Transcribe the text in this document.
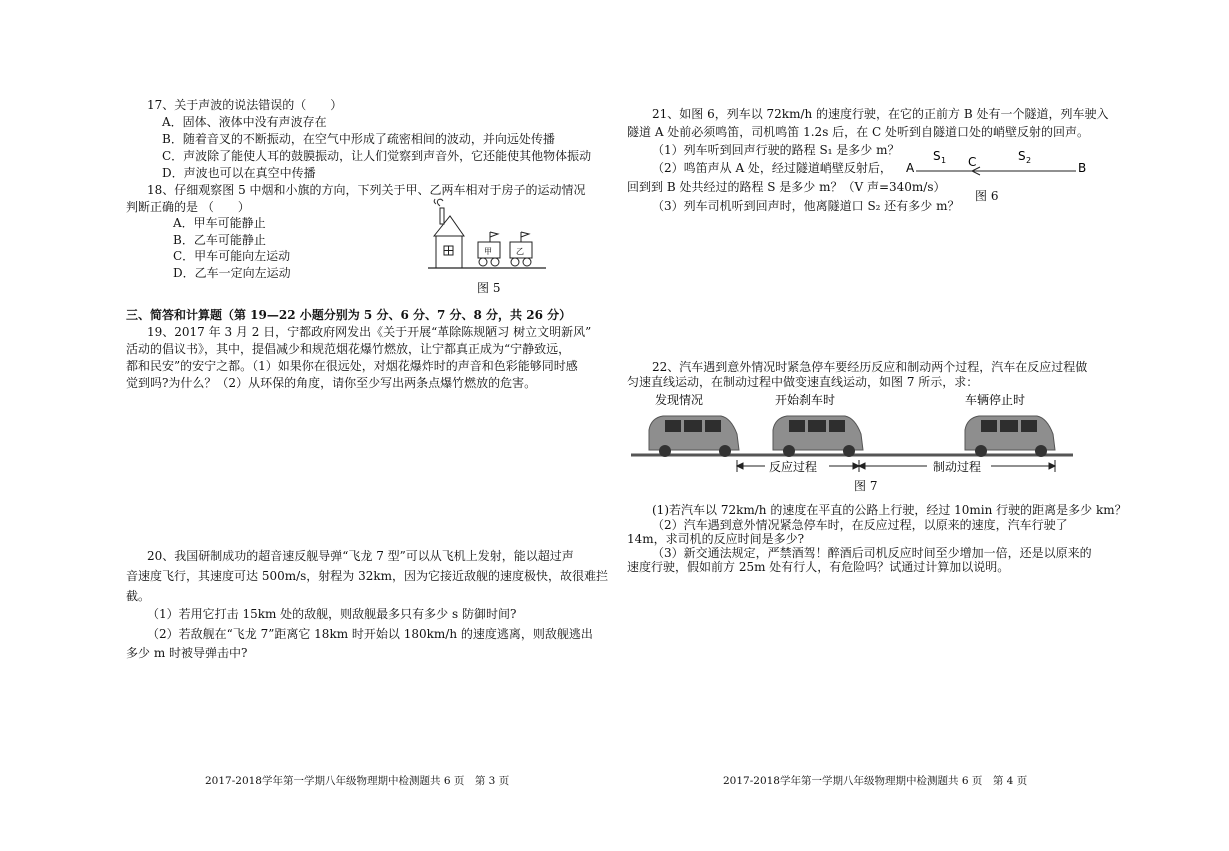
17、关于声波的说法错误的（　　）
A．固体、液体中没有声波存在
B．随着音叉的不断振动，在空气中形成了疏密相间的波动，并向远处传播
C．声波除了能使人耳的鼓膜振动，让人们觉察到声音外，它还能使其他物体振动
D．声波也可以在真空中传播
18、仔细观察图 5 中烟和小旗的方向，下列关于甲、乙两车相对于房子的运动情况
判断正确的是 （　　）
A．甲车可能静止
B．乙车可能静止
C．甲车可能向左运动
D．乙车一定向左运动
甲	乙
图 5
三、简答和计算题（第 19—22 小题分别为 5 分、6 分、7 分、8 分，共 26 分）
19、2017 年 3 月 2 日，宁都政府网发出《关于开展“革除陈规陋习 树立文明新风”
活动的倡议书》，其中，提倡减少和规范烟花爆竹燃放，让宁都真正成为“宁静致远，
都和民安”的安宁之都。（1）如果你在很远处，对烟花爆炸时的声音和色彩能够同时感
觉到吗?为什么？（2）从环保的角度，请你至少写出两条点爆竹燃放的危害。
20、我国研制成功的超音速反舰导弹“飞龙 7 型”可以从飞机上发射，能以超过声
音速度飞行，其速度可达 500m/s，射程为 32km，因为它接近敌舰的速度极快，故很难拦
截。
（1）若用它打击 15km 处的敌舰，则敌舰最多只有多少 s 防御时间?
（2）若敌舰在“飞龙 7”距离它 18km 时开始以 180km/h 的速度逃离，则敌舰逃出
多少 m 时被导弹击中?
2017-2018学年第一学期八年级物理期中检测题共 6 页　第 3 页
21、如图 6，列车以 72km/h 的速度行驶，在它的正前方 B 处有一个隧道，列车驶入
隧道 A 处前必须鸣笛，司机鸣笛 1.2s 后，在 C 处听到自隧道口处的峭壁反射的回声。
（1）列车听到回声行驶的路程 S₁ 是多少 m？
（2）鸣笛声从 A 处，经过隧道峭壁反射后，
回到到 B 处共经过的路程 S 是多少 m？（V 声=340m/s）
（3）列车司机听到回声时，他离隧道口 S₂ 还有多少 m？
A	C
S 1	S 2
B
图 6
22、汽车遇到意外情况时紧急停车要经历反应和制动两个过程，汽车在反应过程做
匀速直线运动，在制动过程中做变速直线运动，如图 7 所示，求：
发现情况	开始刹车时	车辆停止时
反应过程	制动过程
图 7
(1)若汽车以 72km/h 的速度在平直的公路上行驶，经过 10min 行驶的距离是多少 km？
（2）汽车遇到意外情况紧急停车时，在反应过程，以原来的速度，汽车行驶了
14m，求司机的反应时间是多少?
（3）新交通法规定，严禁酒驾！醉酒后司机反应时间至少增加一倍，还是以原来的
速度行驶，假如前方 25m 处有行人，有危险吗？试通过计算加以说明。
2017-2018学年第一学期八年级物理期中检测题共 6 页　第 4 页
